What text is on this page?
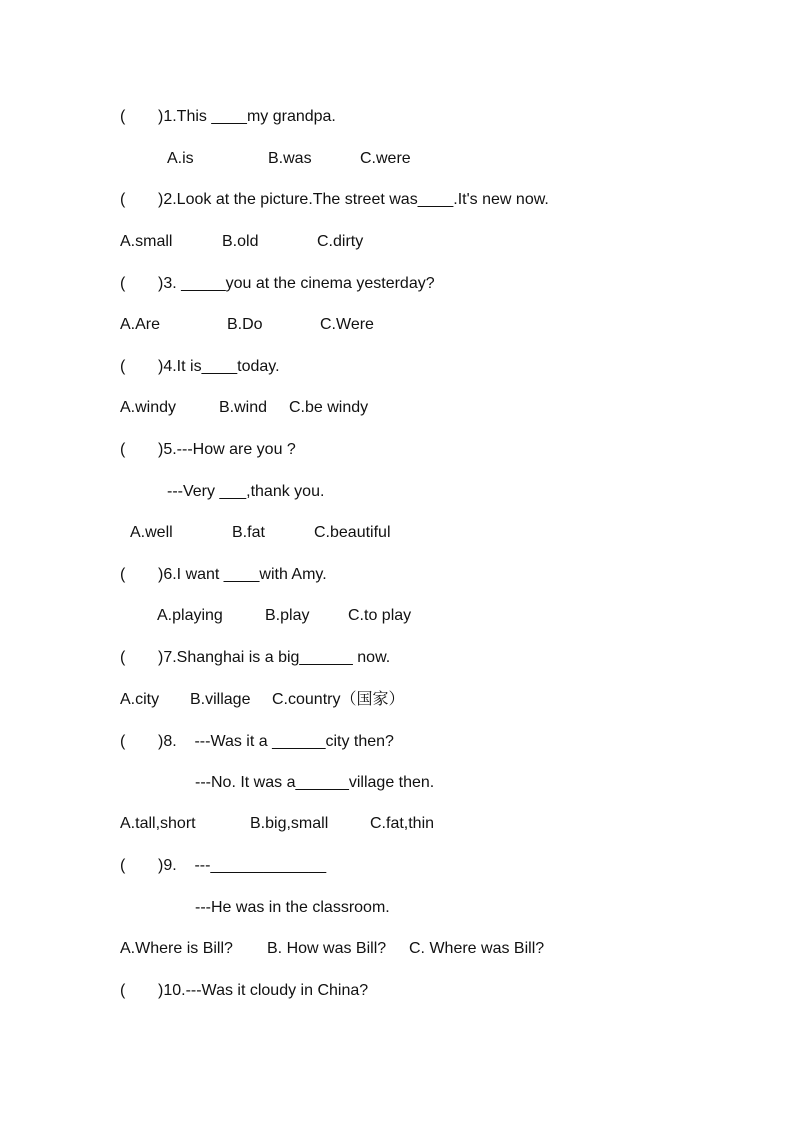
( )1.This ____my grandpa.
A.is	B.was	C.were
( )2.Look at the picture.The street was____.It's new now.
A.small	B.old	C.dirty
( )3. _____you at the cinema yesterday?
A.Are	B.Do	C.Were
( )4.It is____today.
A.windy	B.wind C.be windy
( )5.---How are you ?
---Very ___,thank you.
A.well	B.fat	C.beautiful
( )6.I want ____with Amy.
A.playing	B.play C.to play
( )7.Shanghai is a big______ now.
A.city B.village C.country（国家）
( )8.    ---Was it a ______city then?
---No. It was a______village then.
A.tall,short	B.big,small	C.fat,thin
( )9.    ---_____________
---He was in the classroom.
A.Where is Bill? B. How was Bill? C. Where was Bill?
( )10.---Was it cloudy in China?
